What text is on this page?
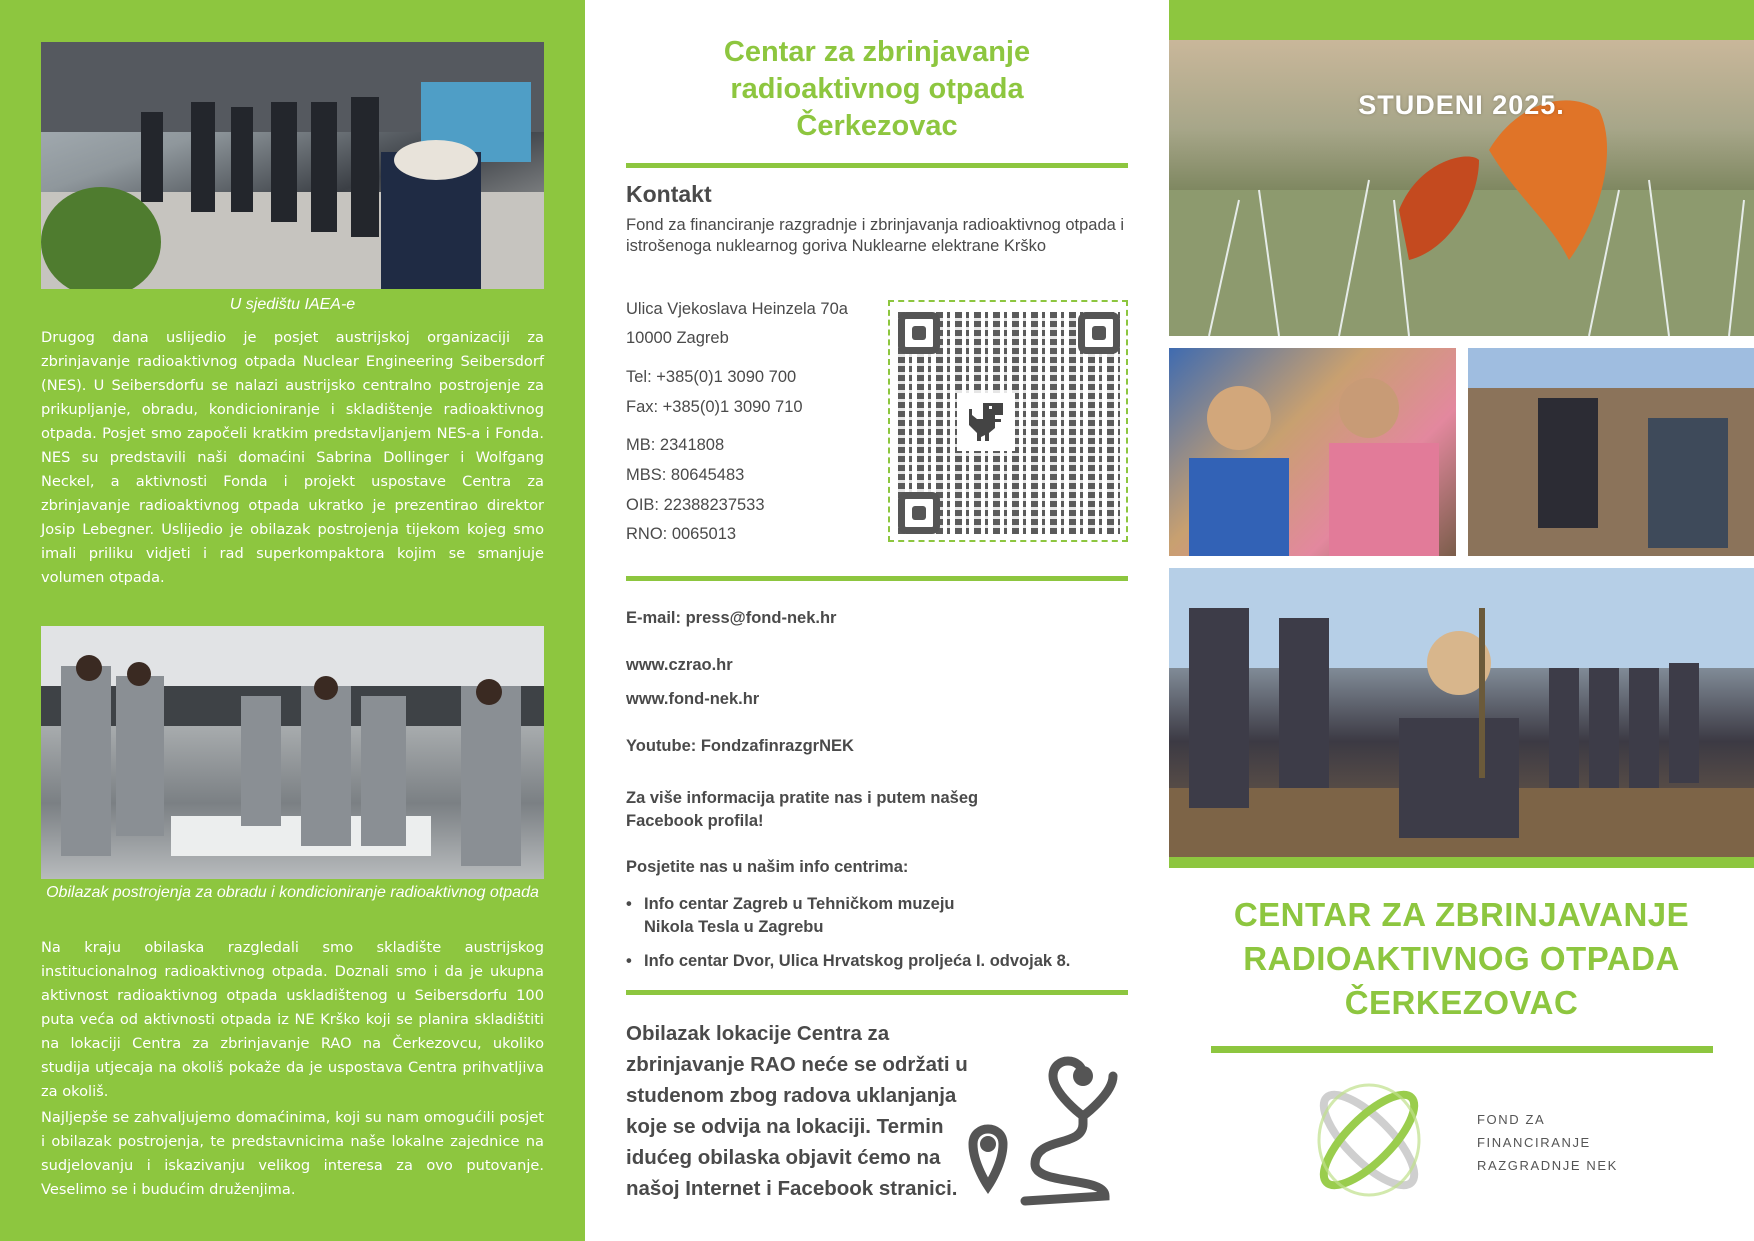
U sjedištu IAEA-e
Drugog dana uslijedio je posjet austrijskoj organizaciji za zbrinjavanje radioaktivnog otpada Nuclear Engineering Seibersdorf (NES). U Seibersdorfu se nalazi austrijsko centralno postrojenje za prikupljanje, obradu, kondicioniranje i skladištenje radioaktivnog otpada. Posjet smo započeli kratkim predstavljanjem NES-a i Fonda. NES su predstavili naši domaćini Sabrina Dollinger i Wolfgang Neckel, a aktivnosti Fonda i projekt uspostave Centra za zbrinjavanje radioaktivnog otpada ukratko je prezentirao direktor Josip Lebegner. Uslijedio je obilazak postrojenja tijekom kojeg smo imali priliku vidjeti i rad superkompaktora kojim se smanjuje volumen otpada.
Obilazak postrojenja za obradu i kondicioniranje radioaktivnog otpada
Na kraju obilaska razgledali smo skladište austrijskog institucionalnog radioaktivnog otpada. Doznali smo i da je ukupna aktivnost radioaktivnog otpada uskladištenog u Seibersdorfu 100 puta veća od aktivnosti otpada iz NE Krško koji se planira skladištiti na lokaciji Centra za zbrinjavanje RAO na Čerkezovcu, ukoliko studija utjecaja na okoliš pokaže da je uspostava Centra prihvatljiva za okoliš.
Najljepše se zahvaljujemo domaćinima, koji su nam omogućili posjet i obilazak postrojenja, te predstavnicima naše lokalne zajednice na sudjelovanju i iskazivanju velikog interesa za ovo putovanje. Veselimo se i budućim druženjima.
Centar za zbrinjavanje
radioaktivnog otpada
Čerkezovac
Kontakt
Fond za financiranje razgradnje i zbrinjavanja radioaktivnog otpada i istrošenoga nuklearnog goriva Nuklearne elektrane Krško
Ulica Vjekoslava Heinzela 70a
10000 Zagreb
Tel: +385(0)1 3090 700
Fax: +385(0)1 3090 710
MB: 2341808
MBS: 80645483
OIB: 22388237533
RNO: 0065013
E-mail: press@fond-nek.hr
www.czrao.hr
www.fond-nek.hr
Youtube: FondzafinrazgrNEK
Za više informacija pratite nas i putem našeg
Facebook profila!
Posjetite nas u našim info centrima:
• Info centar Zagreb u Tehničkom muzeju
Nikola Tesla u Zagrebu
• Info centar Dvor, Ulica Hrvatskog proljeća I. odvojak 8.
Obilazak lokacije Centra za zbrinjavanje RAO neće se održati u studenom zbog radova uklanjanja koje se odvija na lokaciji. Termin idućeg obilaska objavit ćemo na našoj Internet i Facebook stranici.
STUDENI 2025.
CENTAR ZA ZBRINJAVANJE
RADIOAKTIVNOG OTPADA
ČERKEZOVAC
FOND ZA
FINANCIRANJE
RAZGRADNJE NEK
